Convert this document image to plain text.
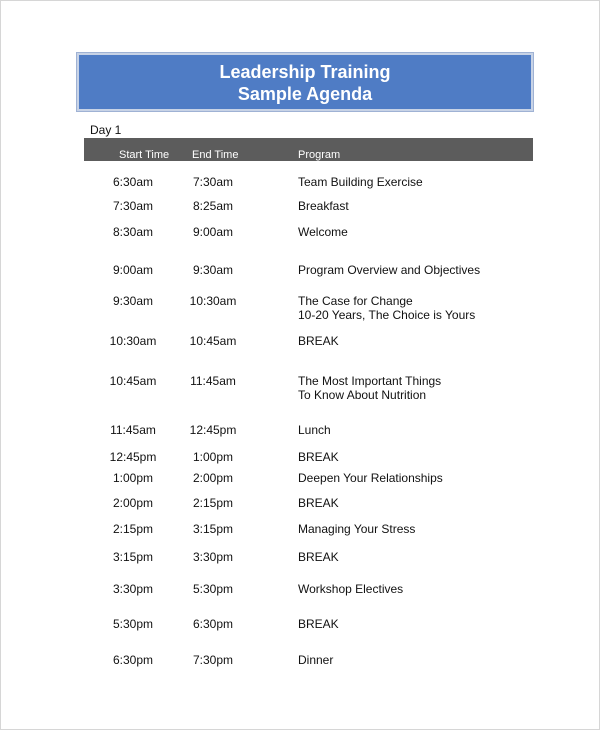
Leadership Training
Sample Agenda
Day 1
Start Time End Time	Program
6:30am	7:30am	Team Building Exercise
7:30am	8:25am	Breakfast
8:30am	9:00am	Welcome
9:00am	9:30am	Program Overview and Objectives
9:30am	10:30am	The Case for Change
10-20 Years, The Choice is Yours
10:30am	10:45am	BREAK
10:45am	11:45am	The Most Important Things
To Know About Nutrition
11:45am	12:45pm	Lunch
12:45pm	1:00pm	BREAK
1:00pm	2:00pm	Deepen Your Relationships
2:00pm	2:15pm	BREAK
2:15pm	3:15pm	Managing Your Stress
3:15pm	3:30pm	BREAK
3:30pm	5:30pm	Workshop Electives
5:30pm	6:30pm	BREAK
6:30pm	7:30pm	Dinner
